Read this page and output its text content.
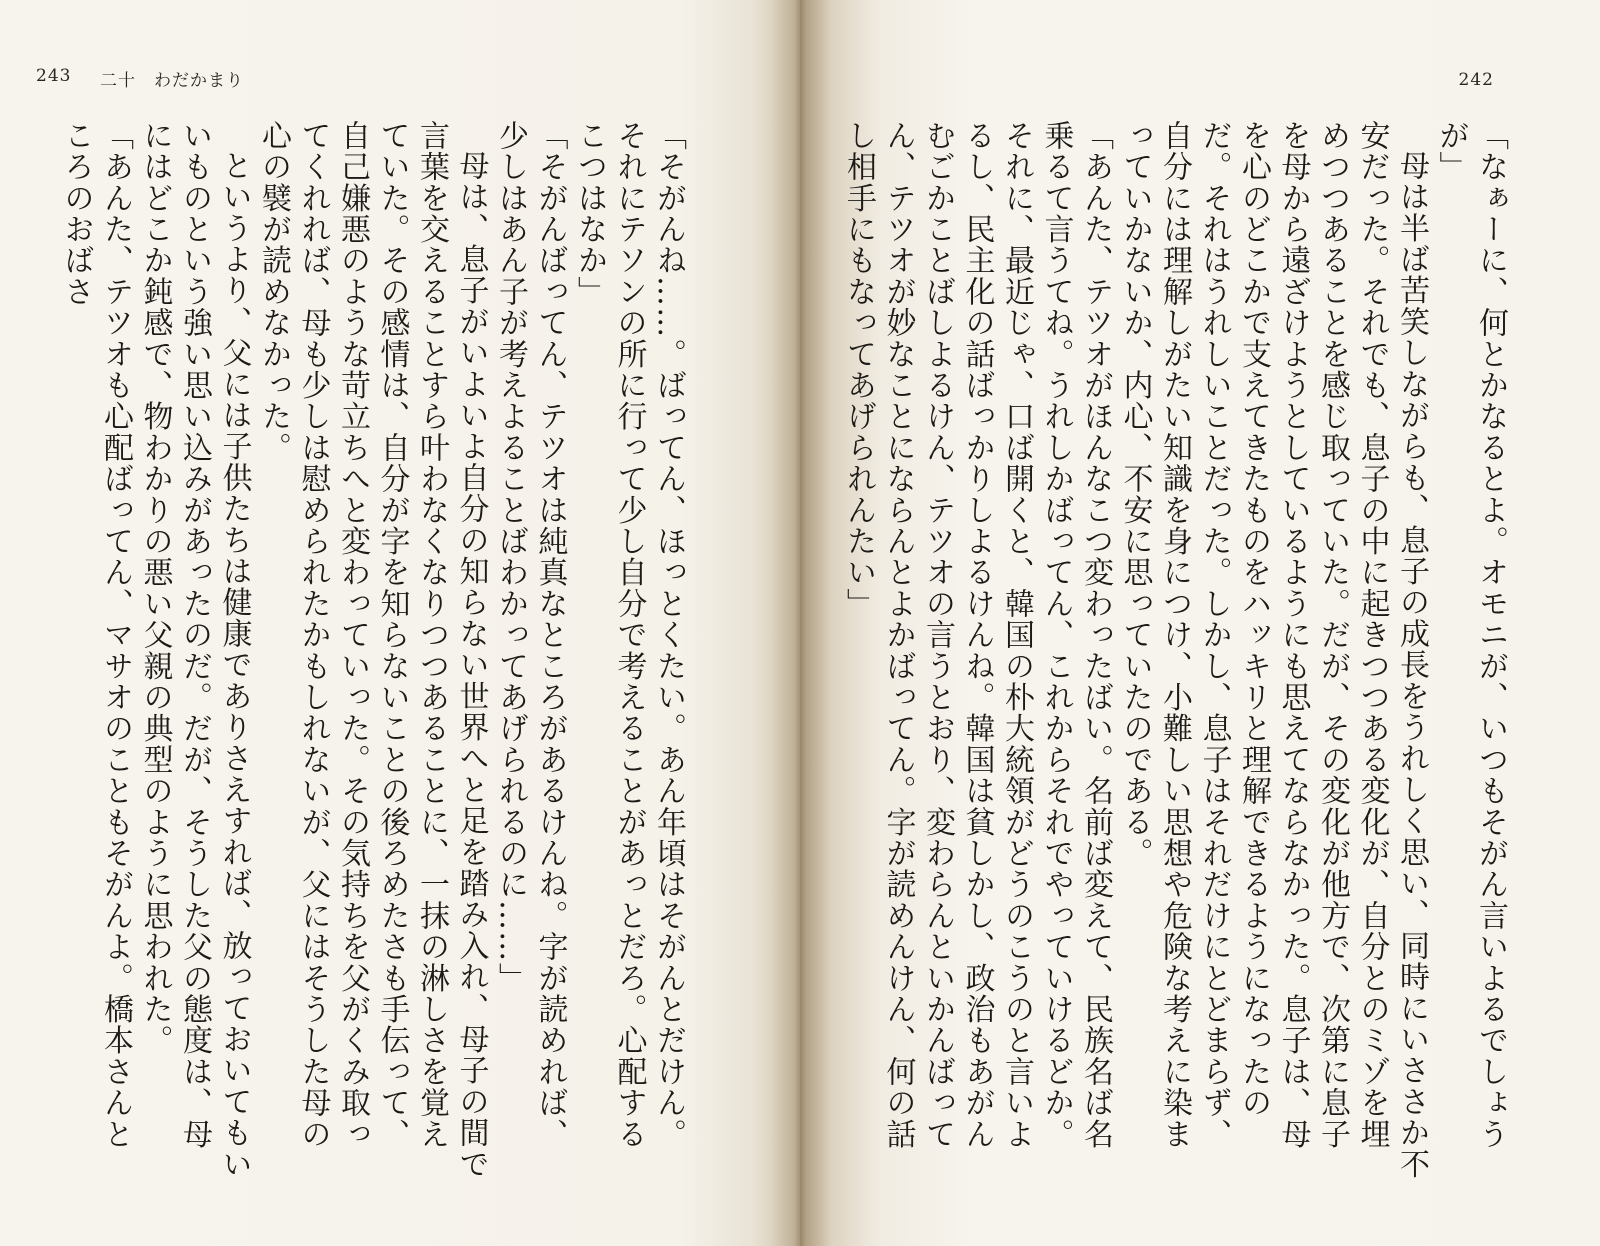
243 二十　わだかまり

「そがんね……。ばってん、ほっとくたい。あん年頃はそがんとだけん。それにテソンの所に行って少し自分で考えることがあっとだろ。心配するこつはなか」

「そがんばってん、テツオは純真なところがあるけんね。字が読めれば、少しはあん子が考えよることばわかってあげられるのに……」

母は、息子がいよいよ自分の知らない世界へと足を踏み入れ、母子の間で言葉を交えることすら叶わなくなりつつあることに、一抹の淋しさを覚えていた。その感情は、自分が字を知らないことの後ろめたさも手伝って、自己嫌悪のような苛立ちへと変わっていった。その気持ちを父がくみ取ってくれれば、母も少しは慰められたかもしれないが、父にはそうした母の心の襞が読めなかった。

というより、父には子供たちは健康でありさえすれば、放っておいてもいいものという強い思い込みがあったのだ。だが、そうした父の態度は、母にはどこか鈍感で、物わかりの悪い父親の典型のように思われた。

「あんた、テツオも心配ばってん、マサオのこともそがんよ。橋本さんところのおばさ

242

「なぁーに、何とかなるとよ。オモニが、いつもそがん言いよるでしょうが」

母は半ば苦笑しながらも、息子の成長をうれしく思い、同時にいささか不安だった。それでも、息子の中に起きつつある変化が、自分とのミゾを埋めつつあることを感じ取っていた。だが、その変化が他方で、次第に息子を母から遠ざけようとしているようにも思えてならなかった。息子は、母を心のどこかで支えてきたものをハッキリと理解できるようになったのだ。それはうれしいことだった。しかし、息子はそれだけにとどまらず、自分には理解しがたい知識を身につけ、小難しい思想や危険な考えに染まっていかないか、内心、不安に思っていたのである。

「あんた、テツオがほんなこつ変わったばい。名前ば変えて、民族名ば名乗るて言うてね。うれしかばってん、これからそれでやっていけるどか。それに、最近じゃ、口ば開くと、韓国の朴大統領がどうのこうのと言いよるし、民主化の話ばっかりしよるけんね。韓国は貧しかし、政治もあがんむごかことばしよるけん、テツオの言うとおり、変わらんといかんばってん、テツオが妙なことにならんとよかばってん。字が読めんけん、何の話し相手にもなってあげられんたい」
